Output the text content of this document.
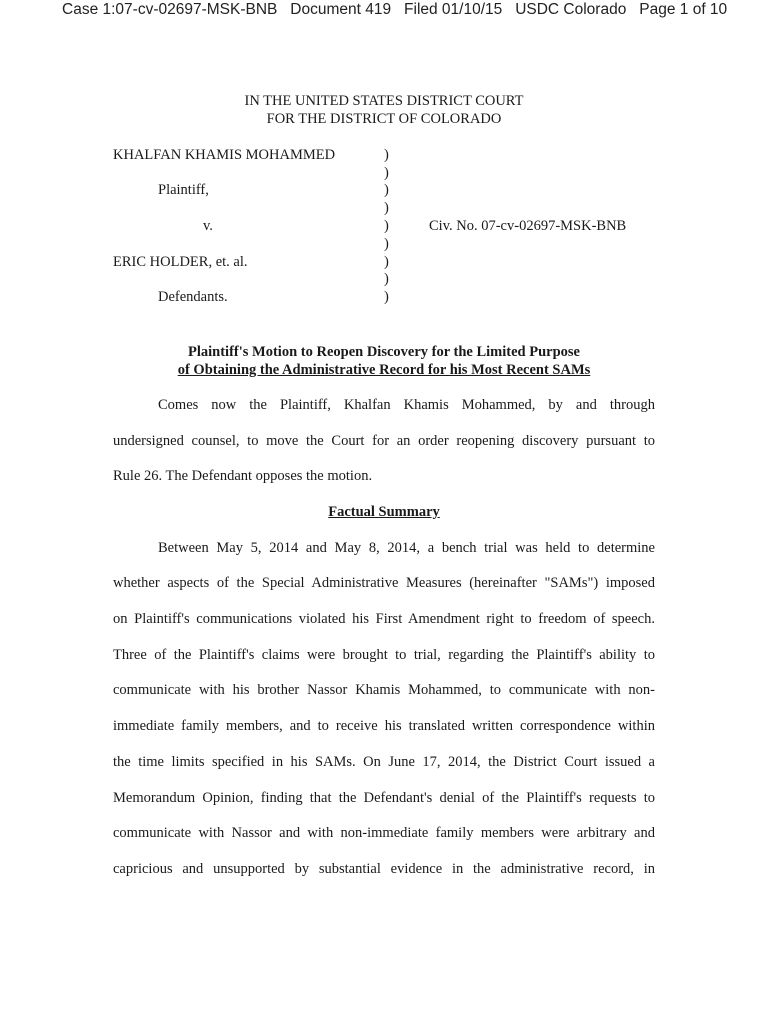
Case 1:07-cv-02697-MSK-BNB Document 419 Filed 01/10/15 USDC Colorado Page 1 of 10
IN THE UNITED STATES DISTRICT COURT
FOR THE DISTRICT OF COLORADO
KHALFAN KHAMIS MOHAMMED
Plaintiff,
v.	Civ. No. 07-cv-02697-MSK-BNB
ERIC HOLDER, et. al.
Defendants.
)
)
)
)
)
)
)
)
)
Plaintiff's Motion to Reopen Discovery for the Limited Purpose
of Obtaining the Administrative Record for his Most Recent SAMs
Comes now the Plaintiff, Khalfan Khamis Mohammed, by and through
undersigned counsel, to move the Court for an order reopening discovery pursuant to
Rule 26. The Defendant opposes the motion.
Factual Summary
Between May 5, 2014 and May 8, 2014, a bench trial was held to determine
whether aspects of the Special Administrative Measures (hereinafter "SAMs") imposed
on Plaintiff's communications violated his First Amendment right to freedom of speech.
Three of the Plaintiff's claims were brought to trial, regarding the Plaintiff's ability to
communicate with his brother Nassor Khamis Mohammed, to communicate with non-
immediate family members, and to receive his translated written correspondence within
the time limits specified in his SAMs. On June 17, 2014, the District Court issued a
Memorandum Opinion, finding that the Defendant's denial of the Plaintiff's requests to
communicate with Nassor and with non-immediate family members were arbitrary and
capricious and unsupported by substantial evidence in the administrative record, in
